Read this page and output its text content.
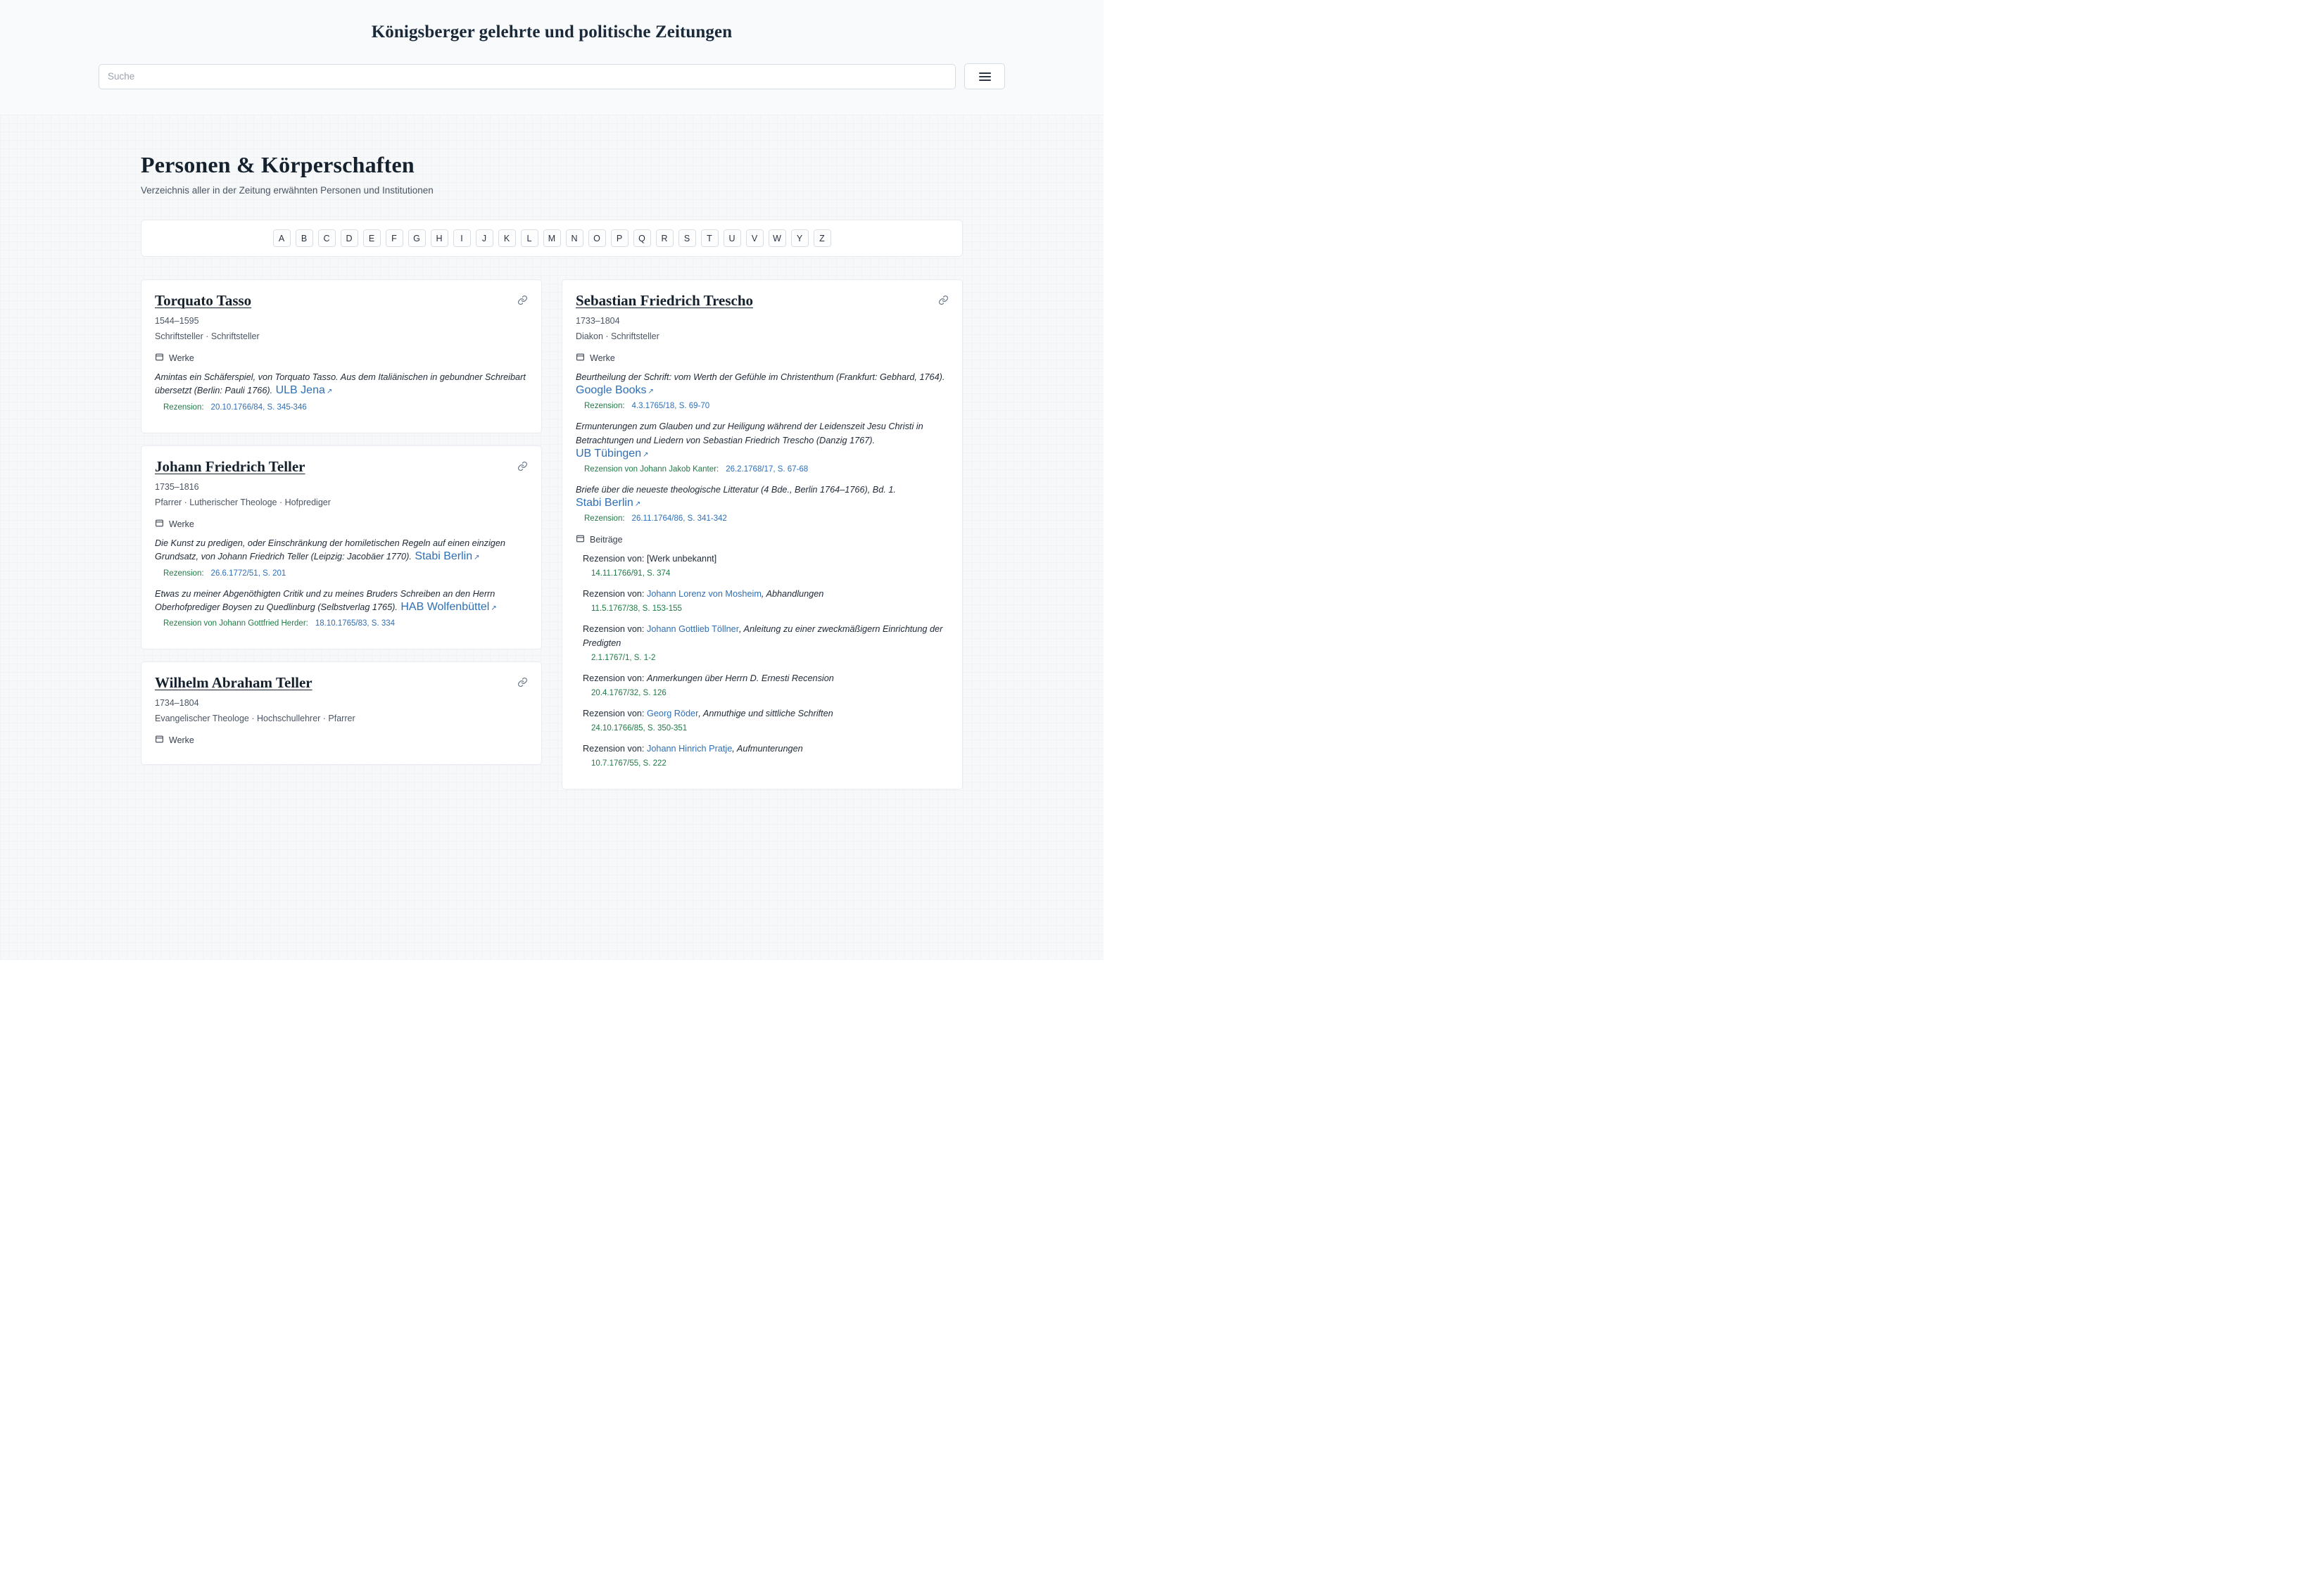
Königsberger gelehrte und politische Zeitungen
Suche
Personen & Körperschaften
Verzeichnis aller in der Zeitung erwähnten Personen und Institutionen
A	B	C	D	E	F	G	H	I	J	K	L	M	N	O	P	Q	R	S	T	U	V	W	Y	Z
Torquato Tasso
1544–1595
Schriftsteller · Schriftsteller
Werke
Amintas ein Schäferspiel, von Torquato Tasso. Aus dem Italiänischen in gebundner Schreibart übersetzt (Berlin: Pauli 1766). ULB Jena ↗
Rezension: 20.10.1766/84, S. 345-346
Johann Friedrich Teller
1735–1816
Pfarrer · Lutherischer Theologe · Hofprediger
Werke
Die Kunst zu predigen, oder Einschränkung der homiletischen Regeln auf einen einzigen Grundsatz, von Johann Friedrich Teller (Leipzig: Jacobäer 1770). Stabi Berlin ↗
Rezension: 26.6.1772/51, S. 201
Etwas zu meiner Abgenöthigten Critik und zu meines Bruders Schreiben an den Herrn Oberhofprediger Boysen zu Quedlinburg (Selbstverlag 1765). HAB Wolfenbüttel ↗
Rezension von Johann Gottfried Herder: 18.10.1765/83, S. 334
Wilhelm Abraham Teller
1734–1804
Evangelischer Theologe · Hochschullehrer · Pfarrer
Werke
Sebastian Friedrich Trescho
1733–1804
Diakon · Schriftsteller
Werke
Beurtheilung der Schrift: vom Werth der Gefühle im Christenthum (Frankfurt: Gebhard, 1764).
Google Books ↗
Rezension: 4.3.1765/18, S. 69-70
Ermunterungen zum Glauben und zur Heiligung während der Leidenszeit Jesu Christi in Betrachtungen und Liedern von Sebastian Friedrich Trescho (Danzig 1767). UB Tübingen ↗
Rezension von Johann Jakob Kanter: 26.2.1768/17, S. 67-68
Briefe über die neueste theologische Litteratur (4 Bde., Berlin 1764–1766), Bd. 1. Stabi Berlin ↗
Rezension: 26.11.1764/86, S. 341-342
Beiträge
Rezension von: [Werk unbekannt]
14.11.1766/91, S. 374
Rezension von: Johann Lorenz von Mosheim, Abhandlungen
11.5.1767/38, S. 153-155
Rezension von: Johann Gottlieb Töllner, Anleitung zu einer zweckmäßigern Einrichtung der Predigten
2.1.1767/1, S. 1-2
Rezension von: Anmerkungen über Herrn D. Ernesti Recension
20.4.1767/32, S. 126
Rezension von: Georg Röder, Anmuthige und sittliche Schriften
24.10.1766/85, S. 350-351
Rezension von: Johann Hinrich Pratje, Aufmunterungen
10.7.1767/55, S. 222
